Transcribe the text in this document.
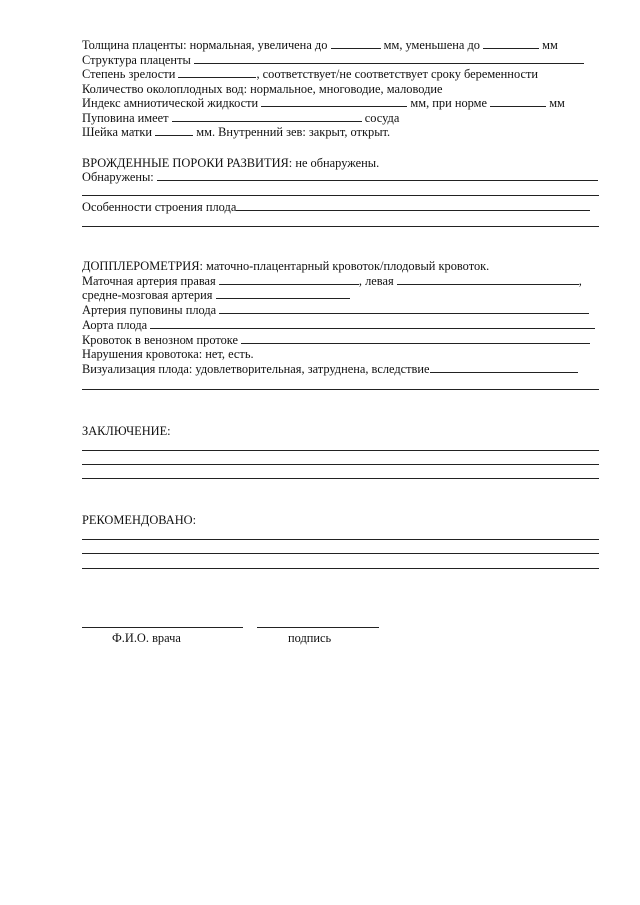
Толщина плаценты: нормальная, увеличена до	мм, уменьшена до	мм
Структура плаценты
Степень зрелости	, соответствует/не соответствует сроку беременности
Количество околоплодных вод: нормальное, многоводие, маловодие
Индекс амниотической жидкости	мм, при норме	мм
Пуповина имеет	сосуда
Шейка матки	мм. Внутренний зев: закрыт, открыт.
ВРОЖДЕННЫЕ ПОРОКИ РАЗВИТИЯ: не обнаружены.
Обнаружены:
Особенности строения плода
ДОППЛЕРОМЕТРИЯ: маточно-плацентарный кровоток/плодовый кровоток.
Маточная артерия правая	, левая	,
средне-мозговая артерия
Артерия пуповины плода
Аорта плода
Кровоток в венозном протоке
Нарушения кровотока: нет, есть.
Визуализация плода: удовлетворительная, затруднена, вследствие
ЗАКЛЮЧЕНИЕ:
РЕКОМЕНДОВАНО:
Ф.И.О. врача	подпись
